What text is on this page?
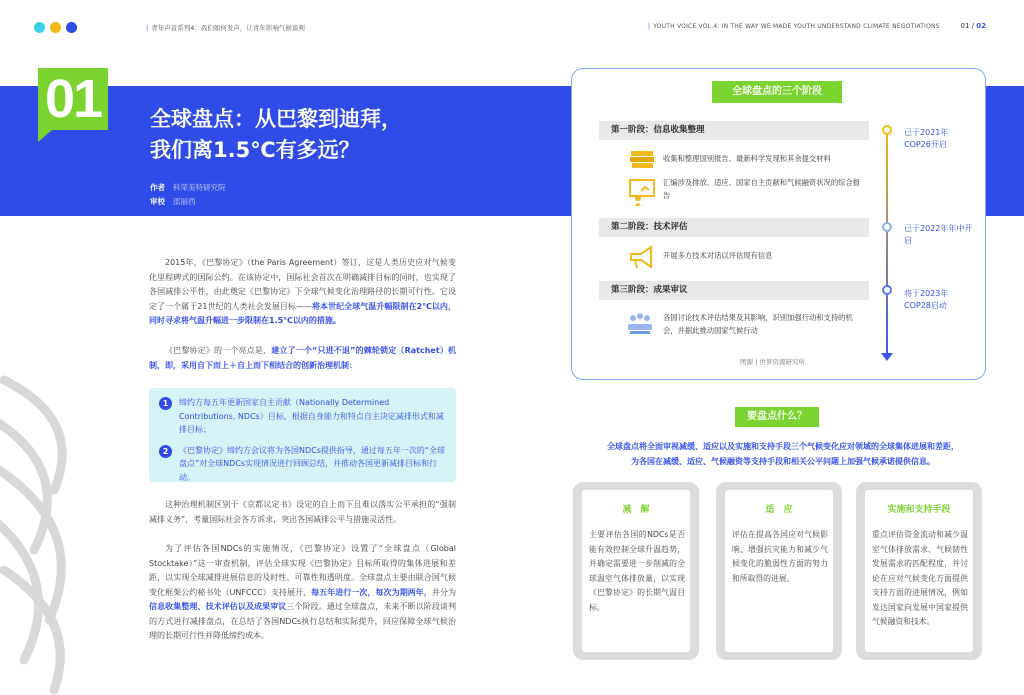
| 青年声音系列4：我们如何发声，让青年影响气候谈判	| YOUTH VOICE VOL.4: IN THE WAY WE MADE YOUTH UNDERSTAND CLIMATE NEGOTIATIONS	01 / 02
01	全球盘点：从巴黎到迪拜，
我们离1.5℃有多远？
作者 科荣美特研究院
审校 邵丽西
2015年，《巴黎协定》（the Paris Agreement）签订，这是人类历史应对气候变化里程碑式的国际公约。在该协定中，国际社会首次在明确减排目标的同时，也实现了各国减排公平性，由此奠定《巴黎协定》下全球气候变化治理路径的长期可行性。它设定了一个属于21世纪的人类社会发展目标——将本世纪全球气温升幅限制在2℃以内，同时寻求将气温升幅进一步限制在1.5℃以内的措施。
《巴黎协定》的一个亮点是，建立了一个“只进不退”的棘轮锁定（Ratchet）机制，即，采用自下而上＋自上而下相结合的创新治理机制：
1	缔约方每五年更新国家自主贡献（Nationally Determined Contributions, NDCs）目标，根据自身能力和特点自主决定减排形式和减排目标；
2	《巴黎协定》缔约方会议将为各国NDCs提供指导，通过每五年一次的“全球盘点”对全球NDCs实现情况进行回顾总结，并推动各国更新减排目标和行动。
这种治理机制区别于《京都议定书》设定的自上而下且难以落实公平承担的“强制减排义务”，考量国际社会各方诉求，突出各国减排公平与措施灵活性。
为了评估各国NDCs的实施情况，《巴黎协定》设置了“全球盘点（Global Stocktake）”这一审查机制，评估全球实现《巴黎协定》目标所取得的集体进展和差距，以实现全球减排进展信息的及时性、可靠性和透明度。全球盘点主要由联合国气候变化框架公约秘书处（UNFCCC）支持展开，每五年进行一次，每次为期两年，并分为信息收集整理、技术评估以及成果审议三个阶段。通过全球盘点，未来不断以阶段谈判的方式进行减排盘点，在总结了各国NDCs执行总结和实际提升，回应保障全球气候治理的长期可行性并降低缔约成本。
全球盘点的三个阶段
第一阶段：信息收集整理
收集和整理国别报告、最新科学发现和其余提交材料
汇编涉及排放、适应、国家自主贡献和气候融资状况的综合报告
第二阶段：技术评估
开展多方技术对话以评估现有信息
第三阶段：成果审议
各国讨论技术评估结果及其影响，识别加强行动和支持的机会，并据此推动国家气候行动
已于2021年COP26开启
已于2022年年中开启
将于2023年COP28启动
图源 | 世界资源研究所
要盘点什么？
全球盘点将全面审视减缓、适应以及实施和支持手段三个气候变化应对领域的全球集体进展和差距，
为各国在减缓、适应、气候融资等支持手段和相关公平问题上加强气候承诺提供信息。
减　解
主要评估各国的NDCs是否能有效控制全球升温趋势，并确定需要进一步削减的全球温室气体排放量，以实现《巴黎协定》的长期气温目标。
适　应
评估在提高各国应对气候影响、增强抗灾能力和减少气候变化的脆弱性方面的努力和所取得的进展。
实施和支持手段
重点评估资金流动和减少温室气体排放需求、气候韧性发展需求的匹配程度，并讨论在应对气候变化方面提供支持方面的进展情况，例如发达国家向发展中国家提供气候融资和技术。
